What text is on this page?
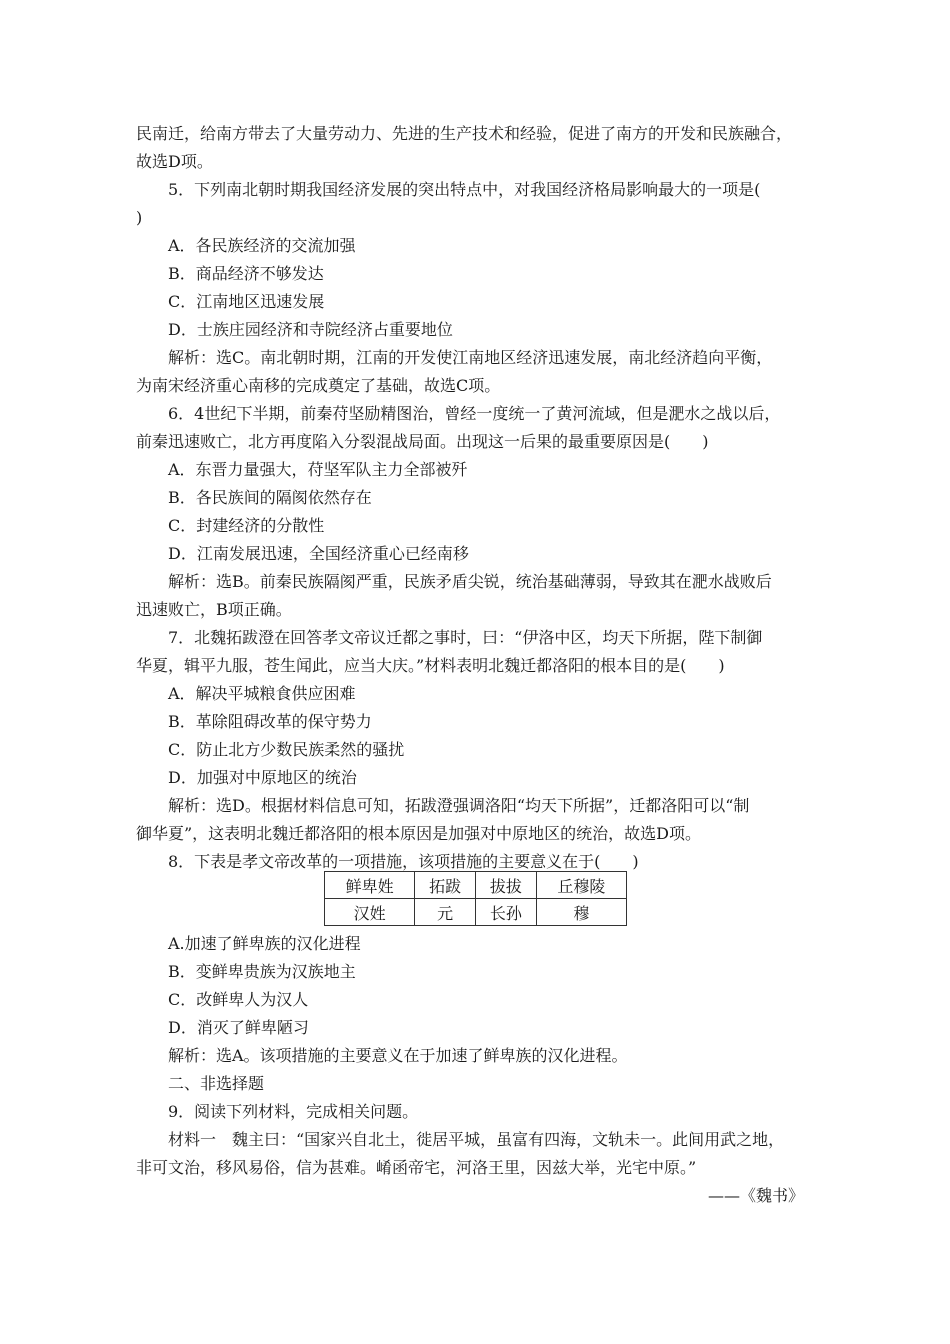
民南迁，给南方带去了大量劳动力、先进的生产技术和经验，促进了南方的开发和民族融合，
故选D项。
5．下列南北朝时期我国经济发展的突出特点中，对我国经济格局影响最大的一项是(
)
A．各民族经济的交流加强
B．商品经济不够发达
C．江南地区迅速发展
D．士族庄园经济和寺院经济占重要地位
解析：选C。南北朝时期，江南的开发使江南地区经济迅速发展，南北经济趋向平衡，
为南宋经济重心南移的完成奠定了基础，故选C项。
6．4世纪下半期，前秦苻坚励精图治，曾经一度统一了黄河流域，但是淝水之战以后，
前秦迅速败亡，北方再度陷入分裂混战局面。出现这一后果的最重要原因是(　　)
A．东晋力量强大，苻坚军队主力全部被歼
B．各民族间的隔阂依然存在
C．封建经济的分散性
D．江南发展迅速，全国经济重心已经南移
解析：选B。前秦民族隔阂严重，民族矛盾尖锐，统治基础薄弱，导致其在淝水战败后
迅速败亡，B项正确。
7．北魏拓跋澄在回答孝文帝议迁都之事时，曰：“伊洛中区，均天下所据，陛下制御
华夏，辑平九服，苍生闻此，应当大庆。”材料表明北魏迁都洛阳的根本目的是(　　)
A．解决平城粮食供应困难
B．革除阻碍改革的保守势力
C．防止北方少数民族柔然的骚扰
D．加强对中原地区的统治
解析：选D。根据材料信息可知，拓跋澄强调洛阳“均天下所据”，迁都洛阳可以“制
御华夏”，这表明北魏迁都洛阳的根本原因是加强对中原地区的统治，故选D项。
8．下表是孝文帝改革的一项措施，该项措施的主要意义在于(　　)
鲜卑姓	拓跋	拔拔	丘穆陵
汉姓	元	长孙	穆
A.加速了鲜卑族的汉化进程
B．变鲜卑贵族为汉族地主
C．改鲜卑人为汉人
D．消灭了鲜卑陋习
解析：选A。该项措施的主要意义在于加速了鲜卑族的汉化进程。
二、非选择题
9．阅读下列材料，完成相关问题。
材料一　魏主曰：“国家兴自北土，徙居平城，虽富有四海，文轨未一。此间用武之地，
非可文治，移风易俗，信为甚难。崤函帝宅，河洛王里，因兹大举，光宅中原。”
——《魏书》
